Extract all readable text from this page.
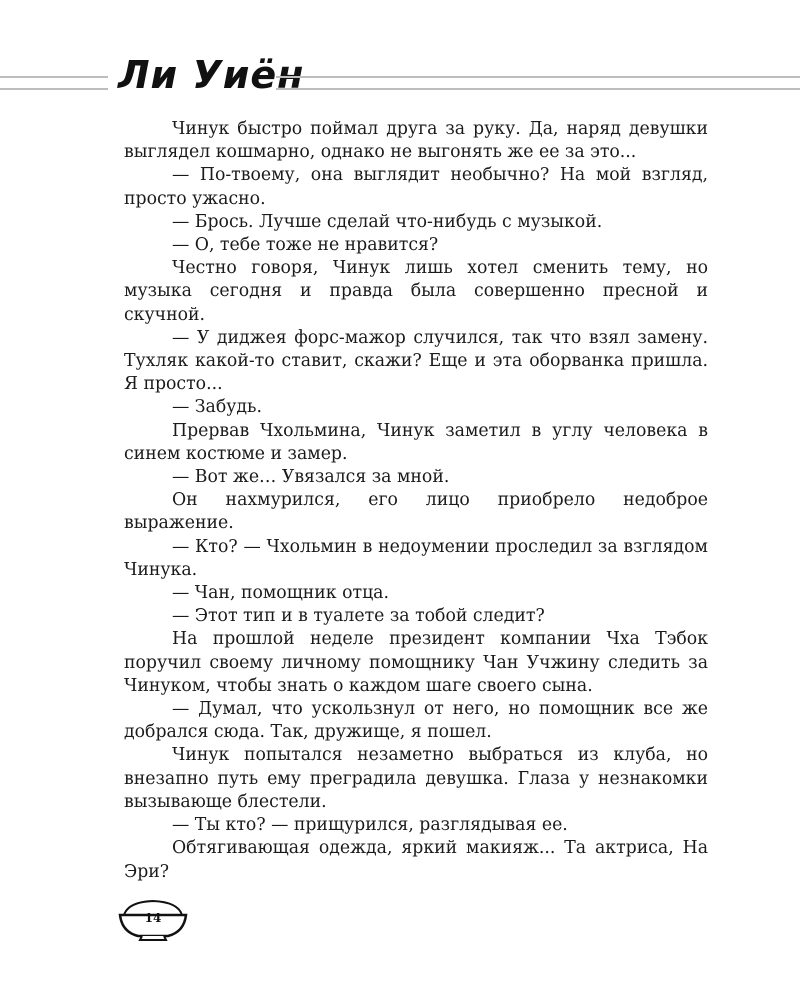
Ли Уиён

Чинук быстро поймал друга за руку. Да, наряд девушки выглядел кошмарно, однако не выгонять же ее за это...

— По-твоему, она выглядит необычно? На мой взгляд, просто ужасно.

— Брось. Лучше сделай что-нибудь с музыкой.

— О, тебе тоже не нравится?

Честно говоря, Чинук лишь хотел сменить тему, но музыка сегодня и правда была совершенно пресной и скучной.

— У диджея форс-мажор случился, так что взял замену. Тухляк какой-то ставит, скажи? Еще и эта оборванка пришла. Я просто...

— Забудь.

Прервав Чхольмина, Чинук заметил в углу человека в синем костюме и замер.

— Вот же… Увязался за мной.

Он нахмурился, его лицо приобрело недоброе выражение.

— Кто? — Чхольмин в недоумении проследил за взглядом Чинука.

— Чан, помощник отца.

— Этот тип и в туалете за тобой следит?

На прошлой неделе президент компании Чха Тэбок поручил своему личному помощнику Чан Учжину следить за Чинуком, чтобы знать о каждом шаге своего сына.

— Думал, что ускользнул от него, но помощник все же добрался сюда. Так, дружище, я пошел.

Чинук попытался незаметно выбраться из клуба, но внезапно путь ему преградила девушка. Глаза у незнакомки вызывающе блестели.

— Ты кто? — прищурился, разглядывая ее.

Обтягивающая одежда, яркий макияж... Та актриса, На Эри?

14
